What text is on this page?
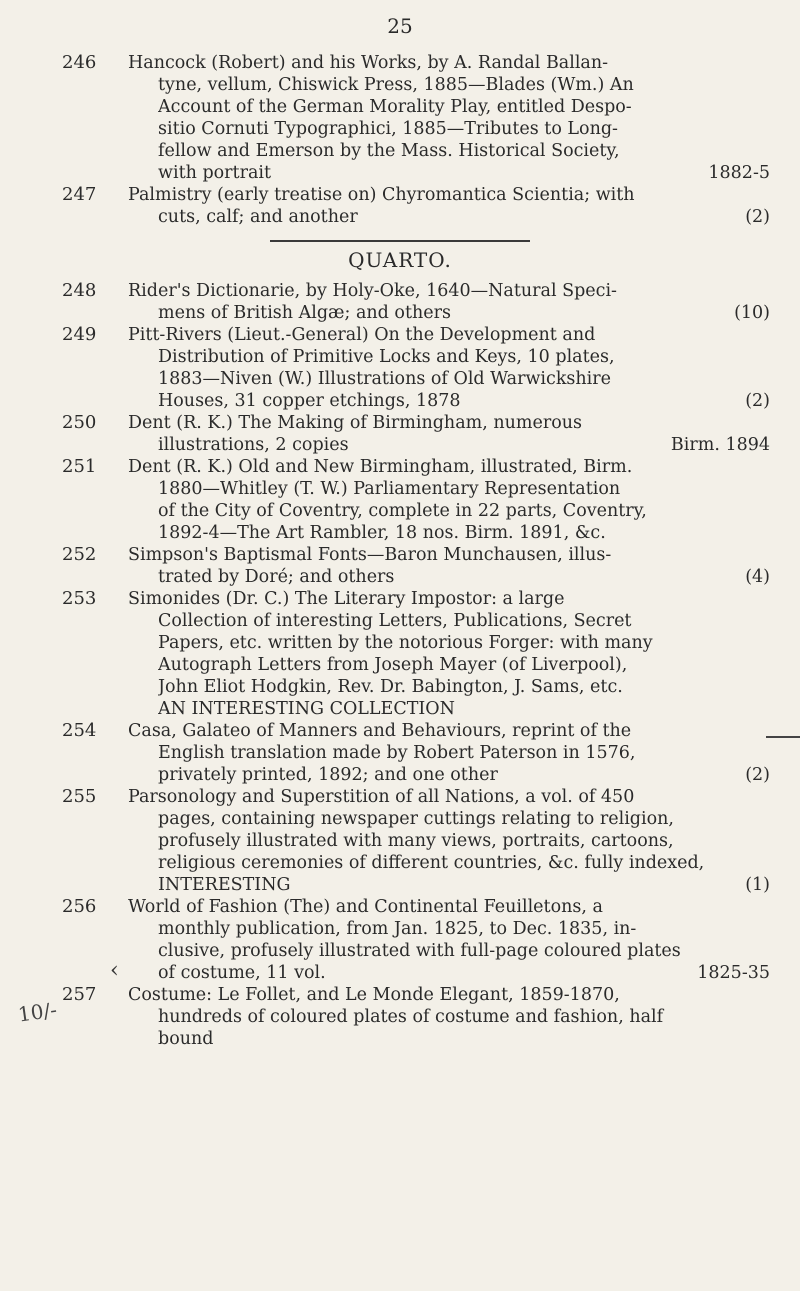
25
246	Hancock (Robert) and his Works, by A. Randal Ballan-
tyne, vellum, Chiswick Press, 1885—Blades (Wm.) An
Account of the German Morality Play, entitled Despo-
sitio Cornuti Typographici, 1885—Tributes to Long-
fellow and Emerson by the Mass. Historical Society,
with portrait	1882-5
247	Palmistry (early treatise on) Chyromantica Scientia; with
cuts, calf; and another	(2)
QUARTO.
248	Rider's Dictionarie, by Holy-Oke, 1640—Natural Speci-
mens of British Algæ; and others	(10)
249	Pitt-Rivers (Lieut.-General) On the Development and
Distribution of Primitive Locks and Keys, 10 plates,
1883—Niven (W.) Illustrations of Old Warwickshire
Houses, 31 copper etchings, 1878	(2)
250	Dent (R. K.) The Making of Birmingham, numerous
illustrations, 2 copies	Birm. 1894
251	Dent (R. K.) Old and New Birmingham, illustrated, Birm.
1880—Whitley (T. W.) Parliamentary Representation
of the City of Coventry, complete in 22 parts, Coventry,
1892-4—The Art Rambler, 18 nos. Birm. 1891, &c.
252	Simpson's Baptismal Fonts—Baron Munchausen, illus-
trated by Doré; and others	(4)
253	Simonides (Dr. C.) The Literary Impostor: a large
Collection of interesting Letters, Publications, Secret
Papers, etc. written by the notorious Forger: with many
Autograph Letters from Joseph Mayer (of Liverpool),
John Eliot Hodgkin, Rev. Dr. Babington, J. Sams, etc.
AN INTERESTING COLLECTION
254	Casa, Galateo of Manners and Behaviours, reprint of the
English translation made by Robert Paterson in 1576,
privately printed, 1892; and one other	(2)
255	Parsonology and Superstition of all Nations, a vol. of 450
pages, containing newspaper cuttings relating to religion,
profusely illustrated with many views, portraits, cartoons,
religious ceremonies of different countries, &c. fully indexed,
INTERESTING	(1)
256	World of Fashion (The) and Continental Feuilletons, a
monthly publication, from Jan. 1825, to Dec. 1835, in-
clusive, profusely illustrated with full-page coloured plates
of costume, 11 vol.	1825-35
257	Costume: Le Follet, and Le Monde Elegant, 1859-1870,
hundreds of coloured plates of costume and fashion, half
bound
‹
10/-
